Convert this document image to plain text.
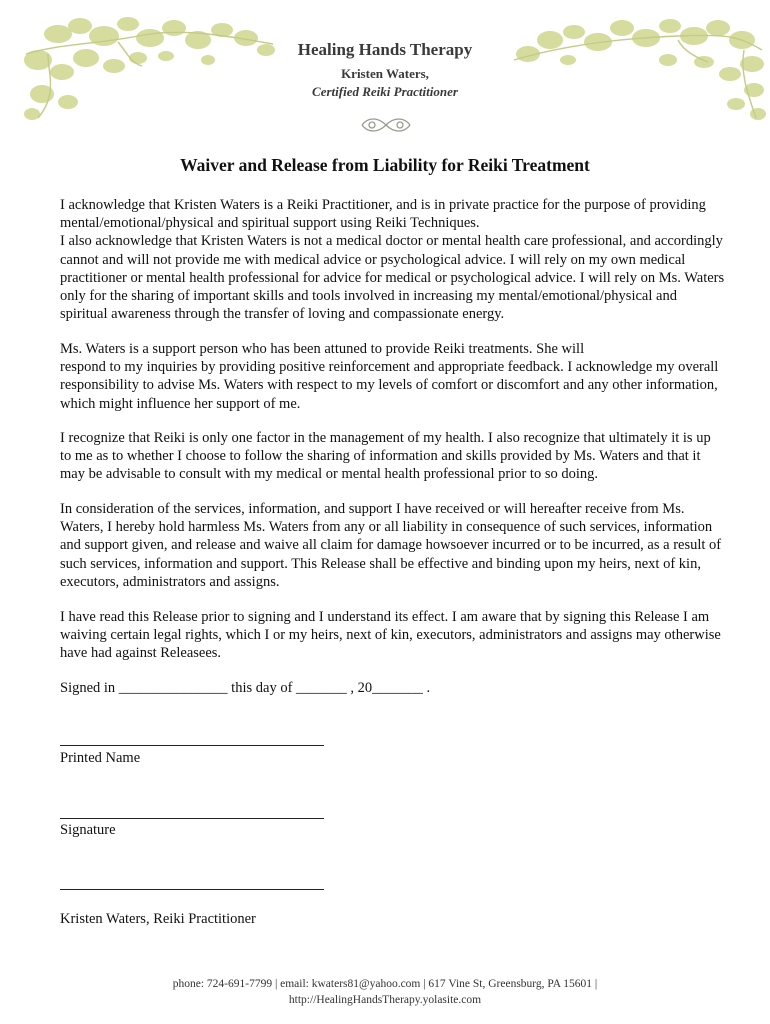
Healing Hands Therapy
Kristen Waters,
Certified Reiki Practitioner
Waiver and Release from Liability for Reiki Treatment

I acknowledge that Kristen Waters is a Reiki Practitioner, and is in private practice for the purpose of providing mental/emotional/physical and spiritual support using Reiki Techniques.
I also acknowledge that Kristen Waters is not a medical doctor or mental health care professional, and accordingly cannot and will not provide me with medical advice or psychological advice. I will rely on my own medical practitioner or mental health professional for advice for medical or psychological advice. I will rely on Ms. Waters only for the sharing of important skills and tools involved in increasing my mental/emotional/physical and spiritual awareness through the transfer of loving and compassionate energy.

Ms. Waters is a support person who has been attuned to provide Reiki treatments. She will
respond to my inquiries by providing positive reinforcement and appropriate feedback. I acknowledge my overall responsibility to advise Ms. Waters with respect to my levels of comfort or discomfort and any other information, which might influence her support of me.

I recognize that Reiki is only one factor in the management of my health. I also recognize that ultimately it is up to me as to whether I choose to follow the sharing of information and skills provided by Ms. Waters and that it may be advisable to consult with my medical or mental health professional prior to so doing.

In consideration of the services, information, and support I have received or will hereafter receive from Ms. Waters, I hereby hold harmless Ms. Waters from any or all liability in consequence of such services, information and support given, and release and waive all claim for damage howsoever incurred or to be incurred, as a result of such services, information and support. This Release shall be effective and binding upon my heirs, next of kin, executors, administrators and assigns.

I have read this Release prior to signing and I understand its effect. I am aware that by signing this Release I am waiving certain legal rights, which I or my heirs, next of kin, executors, administrators and assigns may otherwise have had against Releasees.

Signed in _______________ this day of _______ , 20_______ .
Printed Name
Signature
Kristen Waters, Reiki Practitioner
phone: 724-691-7799 | email: kwaters81@yahoo.com | 617 Vine St, Greensburg, PA 15601 |
http://HealingHandsTherapy.yolasite.com
